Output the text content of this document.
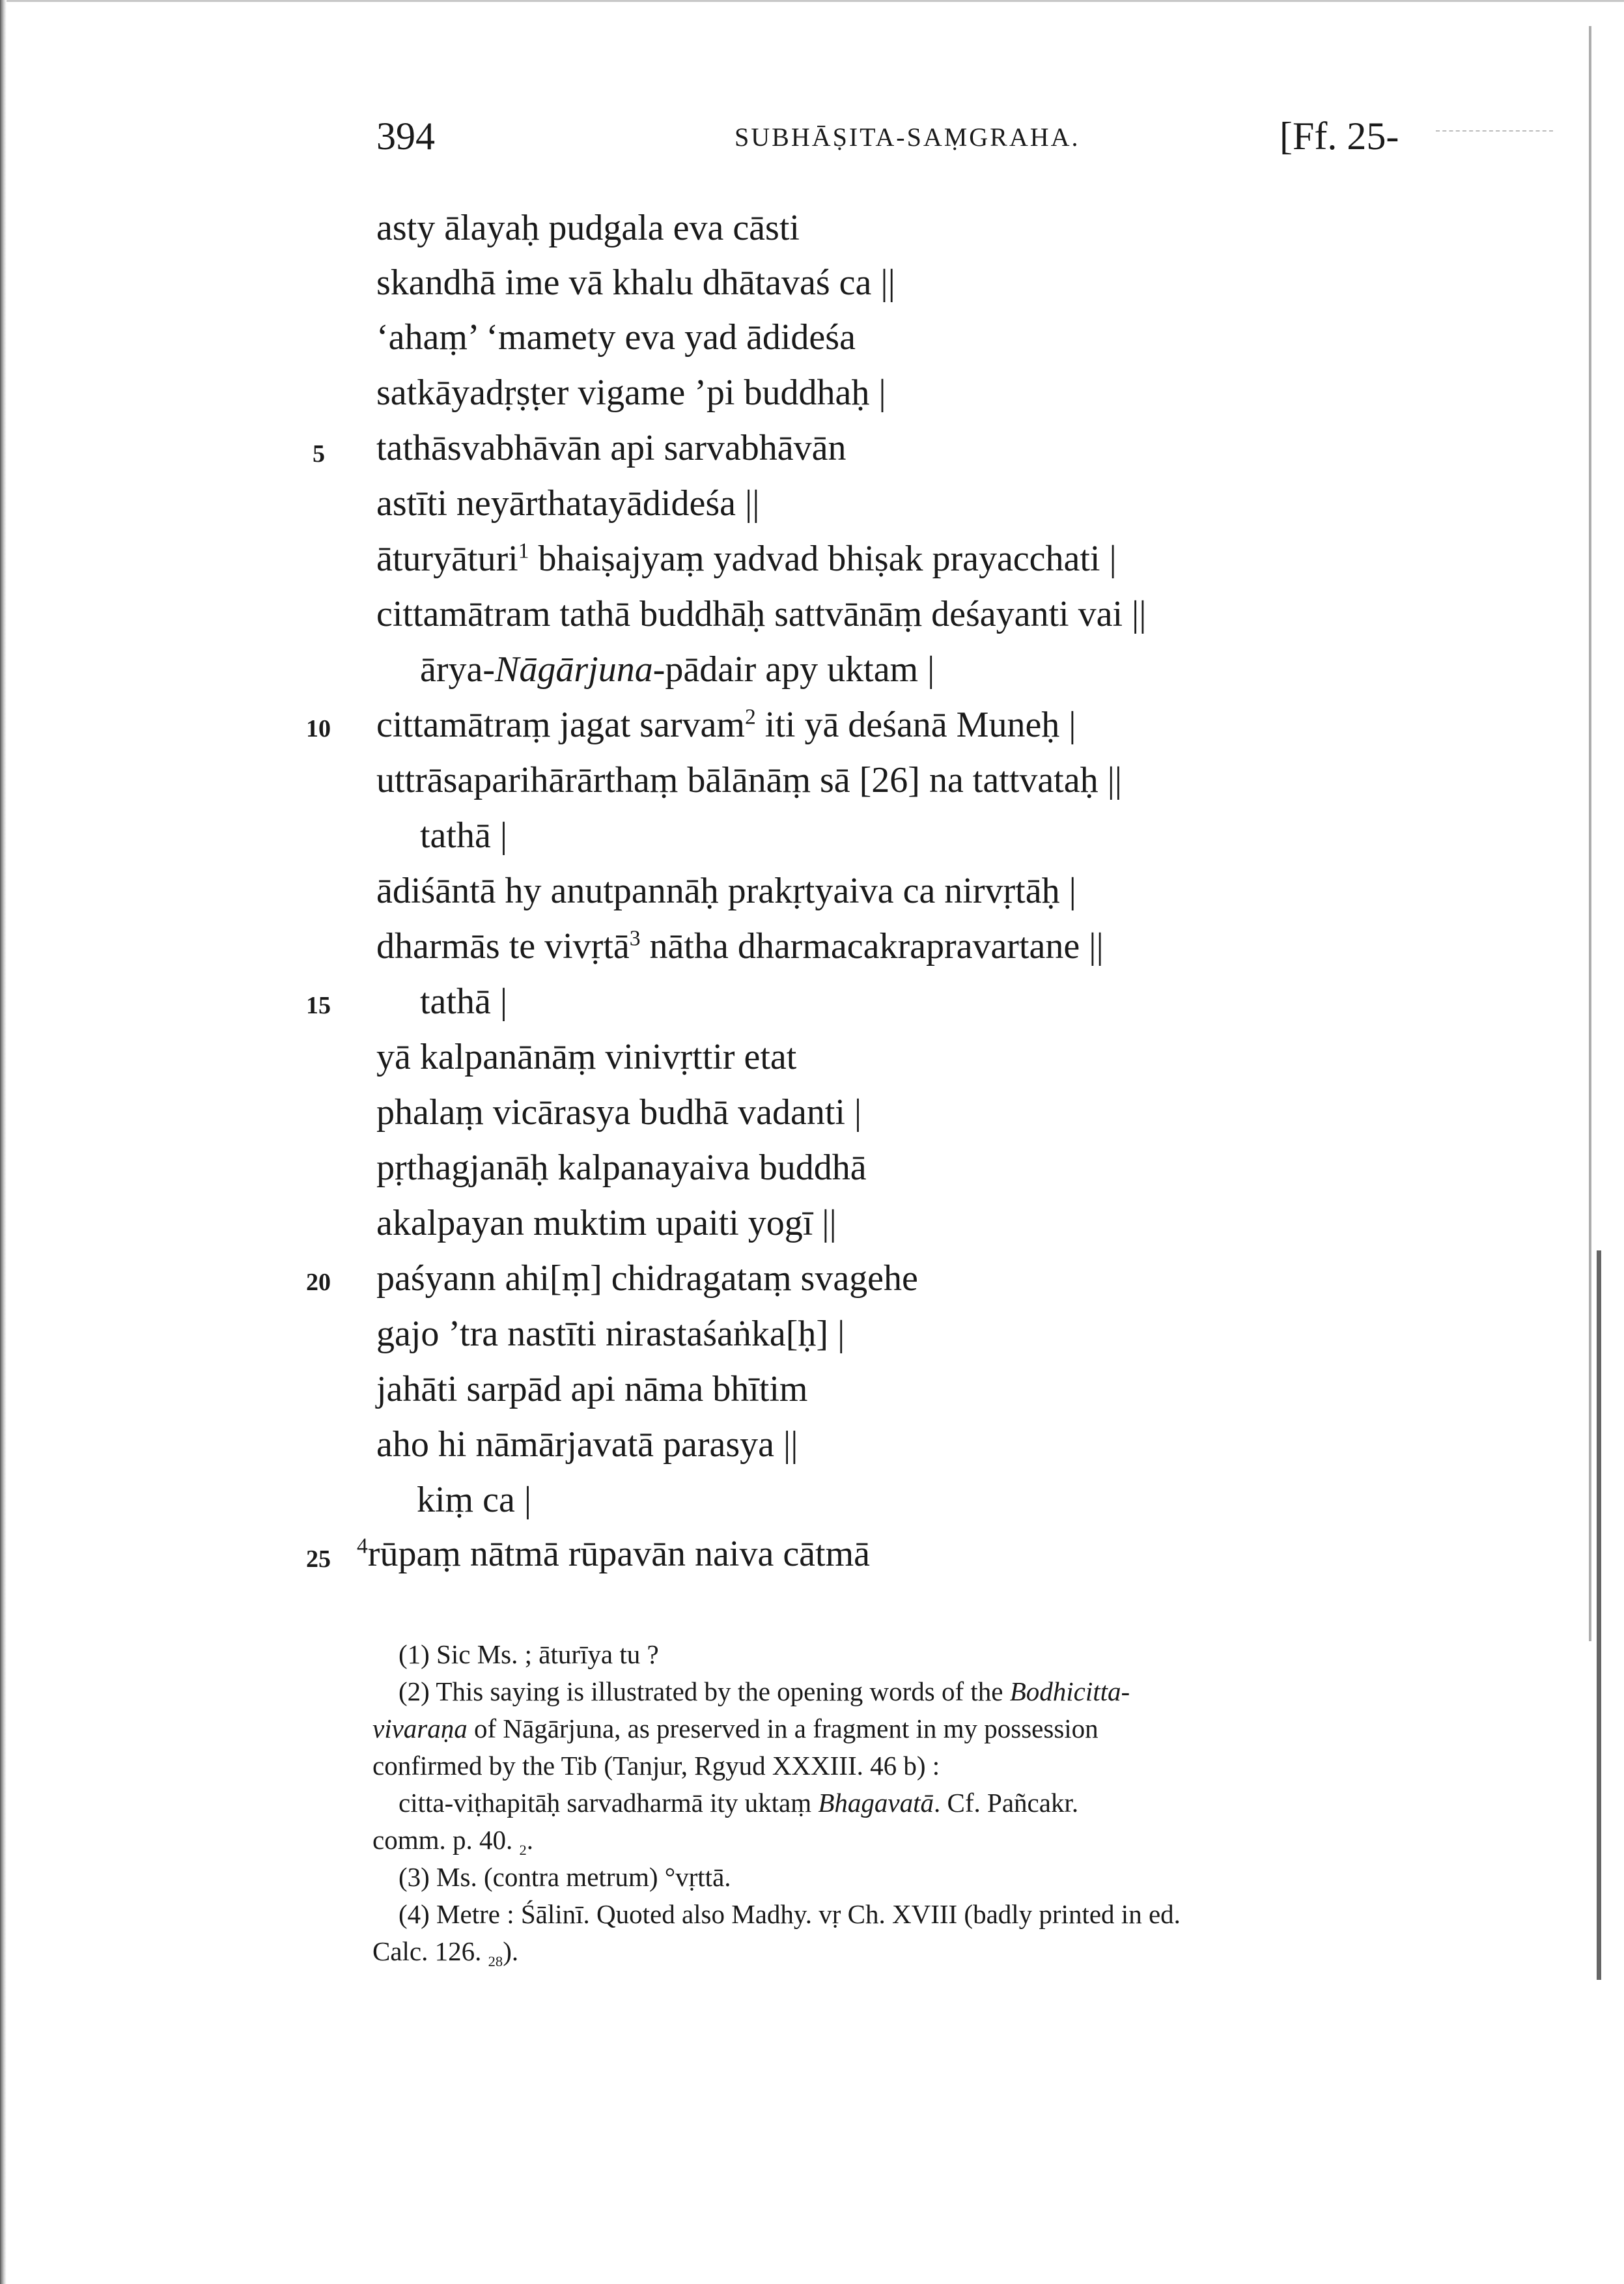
394	SUBHĀṢITA-SAṂGRAHA.	[Ff. 25-
asty ālayaḥ pudgala eva cāsti
skandhā ime vā khalu dhātavaś ca ||
‘ahaṃ’ ‘mamety eva yad ādideśa
satkāyadṛṣṭer vigame ’pi buddhaḥ |
tathāsvabhāvān api sarvabhāvān
astīti neyārthatayādideśa ||
āturyāturi$^1$ bhaiṣajyaṃ yadvad bhiṣak prayacchati |
cittamātram tathā buddhāḥ sattvānāṃ deśayanti vai ||
ārya-Nāgārjuna-pādair apy uktam |
cittamātraṃ jagat sarvam$^2$ iti yā deśanā Muneḥ |
uttrāsaparihārārthaṃ bālānāṃ sā [26] na tattvataḥ ||
tathā |
ādiśāntā hy anutpannāḥ prakṛtyaiva ca nirvṛtāḥ |
dharmās te vivṛtā$^3$ nātha dharmacakrapravartane ||
tathā |
yā kalpanānāṃ vinivṛttir etat
phalaṃ vicārasya budhā vadanti |
pṛthagjanāḥ kalpanayaiva buddhā
akalpayan muktim upaiti yogī ||
paśyann ahi[ṃ] chidragataṃ svagehe
gajo ’tra nastīti nirastaśaṅka[ḥ] |
jahāti sarpād api nāma bhītim
aho hi nāmārjavatā parasya ||
kiṃ ca |
$^4$rūpaṃ nātmā rūpavān naiva cātmā
5
10
15
20
25
(1) Sic Ms. ; āturīya tu ?
(2) This saying is illustrated by the opening words of the Bodhicitta-
vivaraṇa of Nāgārjuna, as preserved in a fragment in my possession
confirmed by the Tib (Tanjur, Rgyud XXXIII. 46 b) :
citta-viṭhapitāḥ sarvadharmā ity uktaṃ Bhagavatā. Cf. Pañcakr.
comm. p. 40. $_2$.
(3) Ms. (contra metrum) °vṛttā.
(4) Metre : Śālinī. Quoted also Madhy. vṛ Ch. XVIII (badly printed in ed.
Calc. 126. $_{28}$).
